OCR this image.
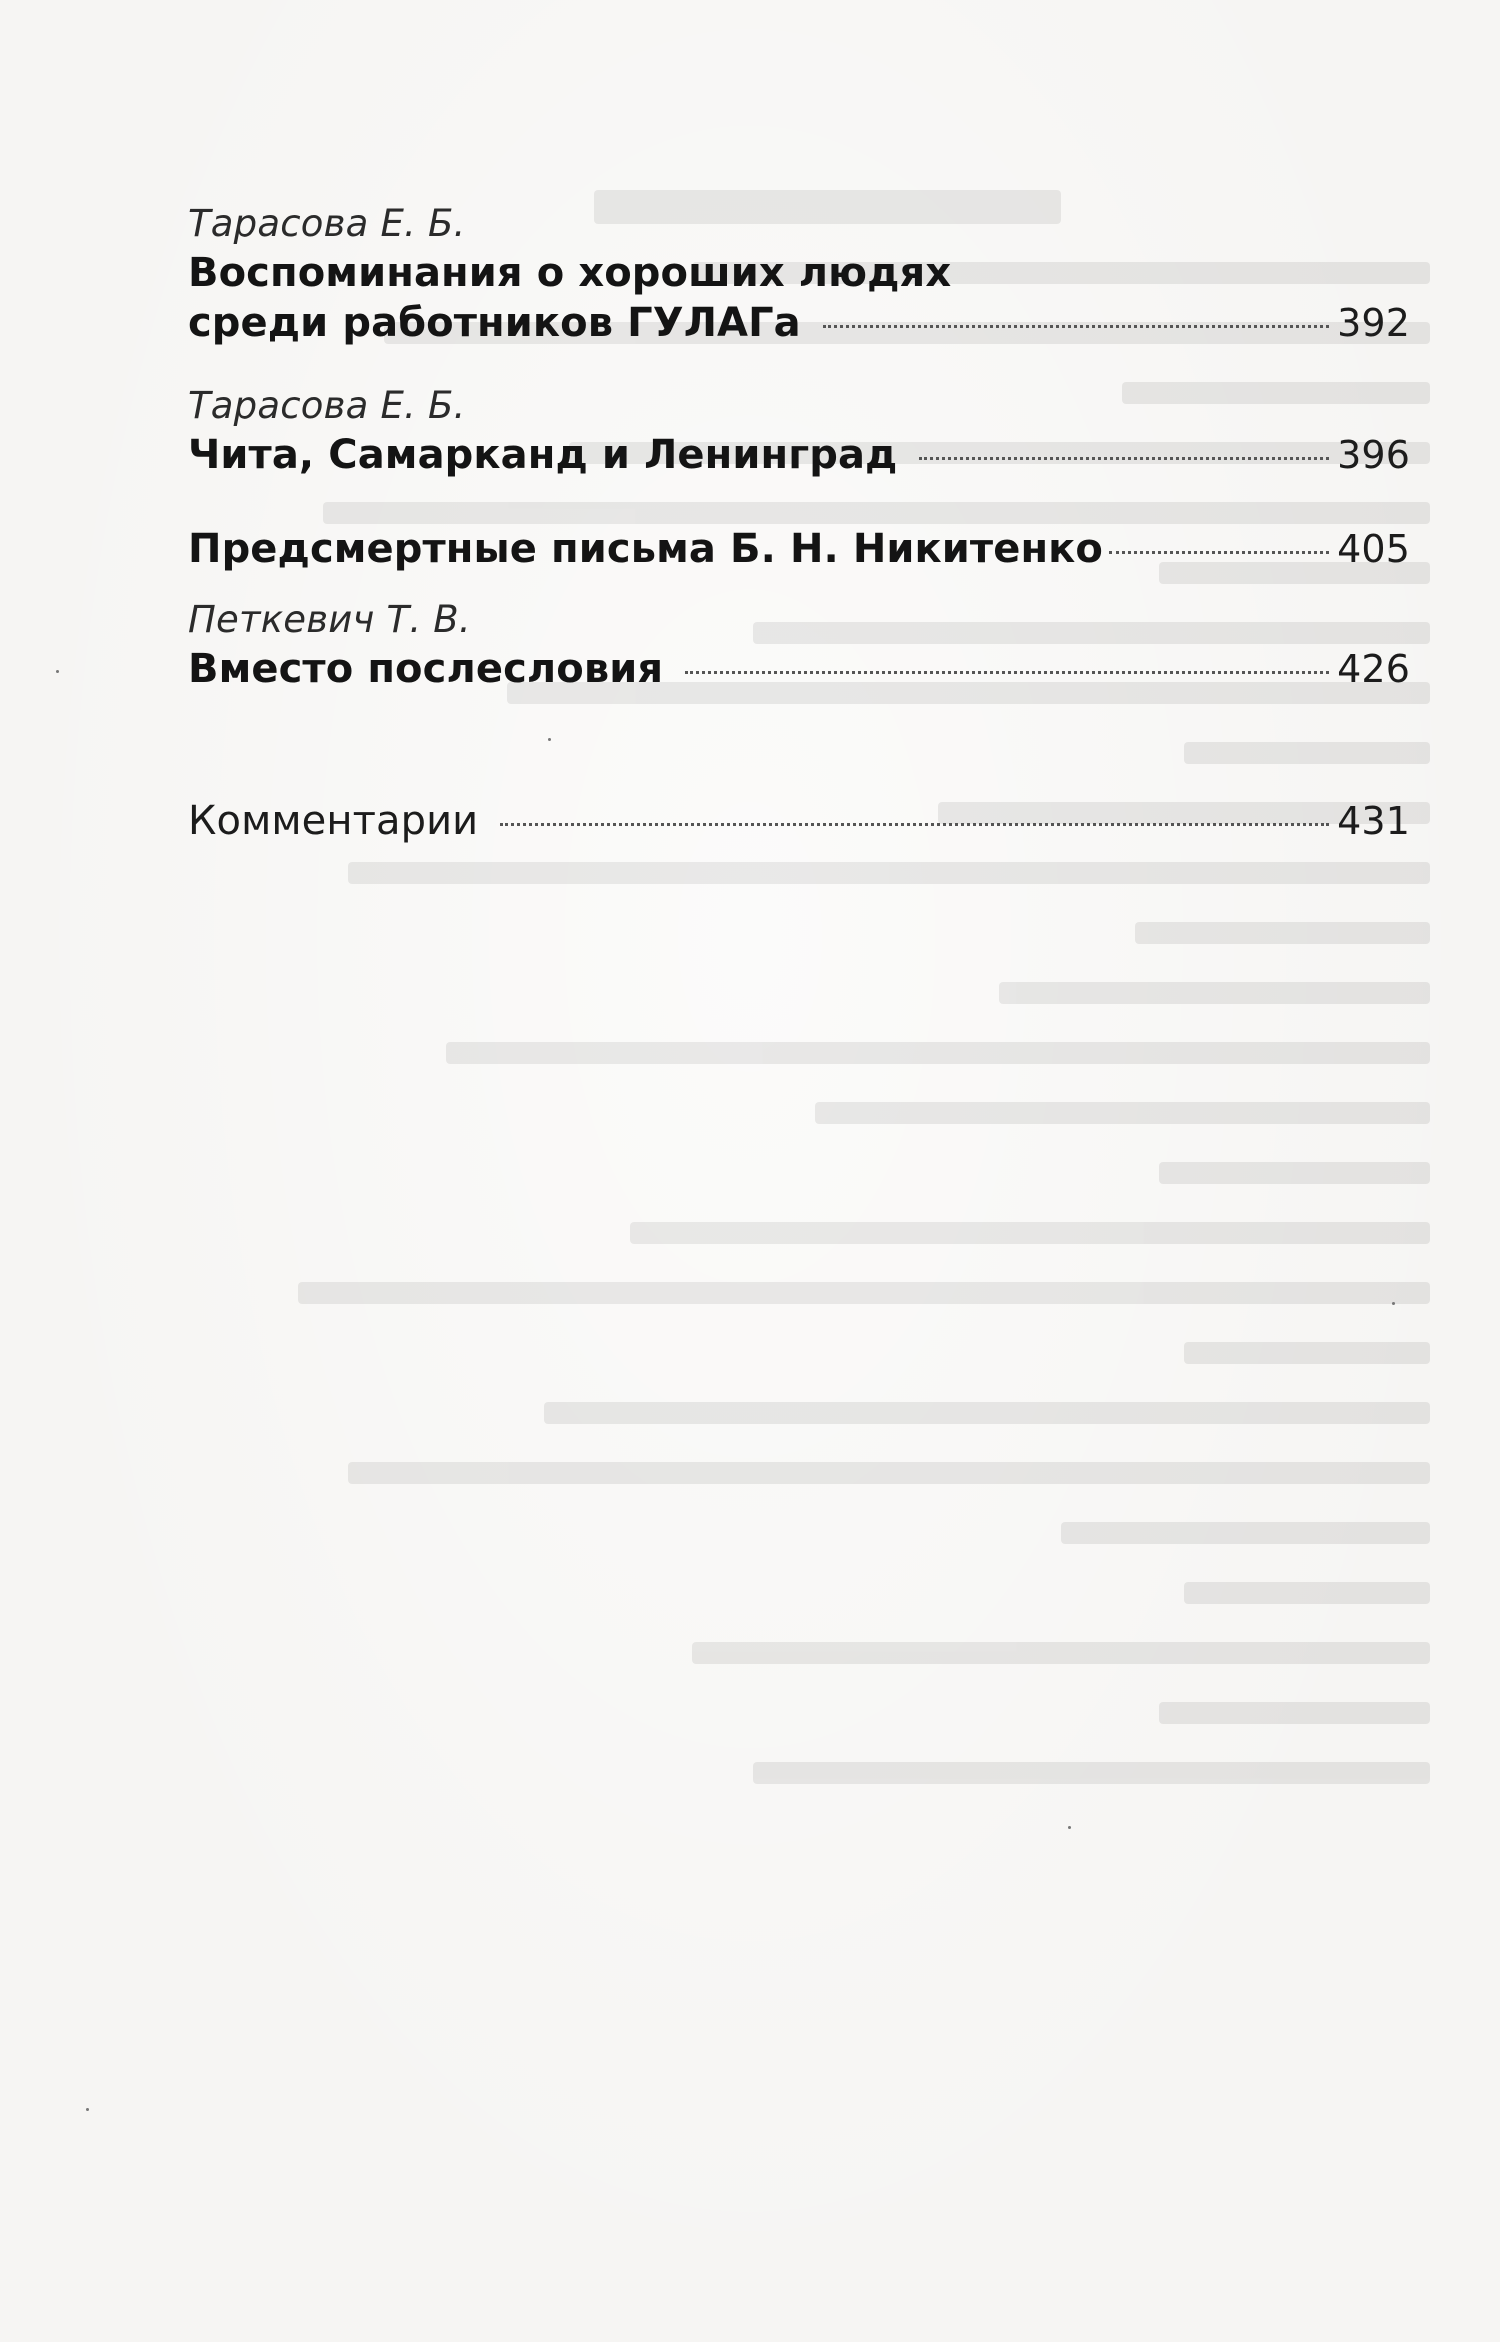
Тарасова Е. Б.
Воспоминания о хороших людях
среди работников ГУЛАГа	392
Тарасова Е. Б.
Чита, Самарканд и Ленинград	396
Предсмертные письма Б. Н. Никитенко	405
Петкевич Т. В.
Вместо послесловия	426
Комментарии	431
